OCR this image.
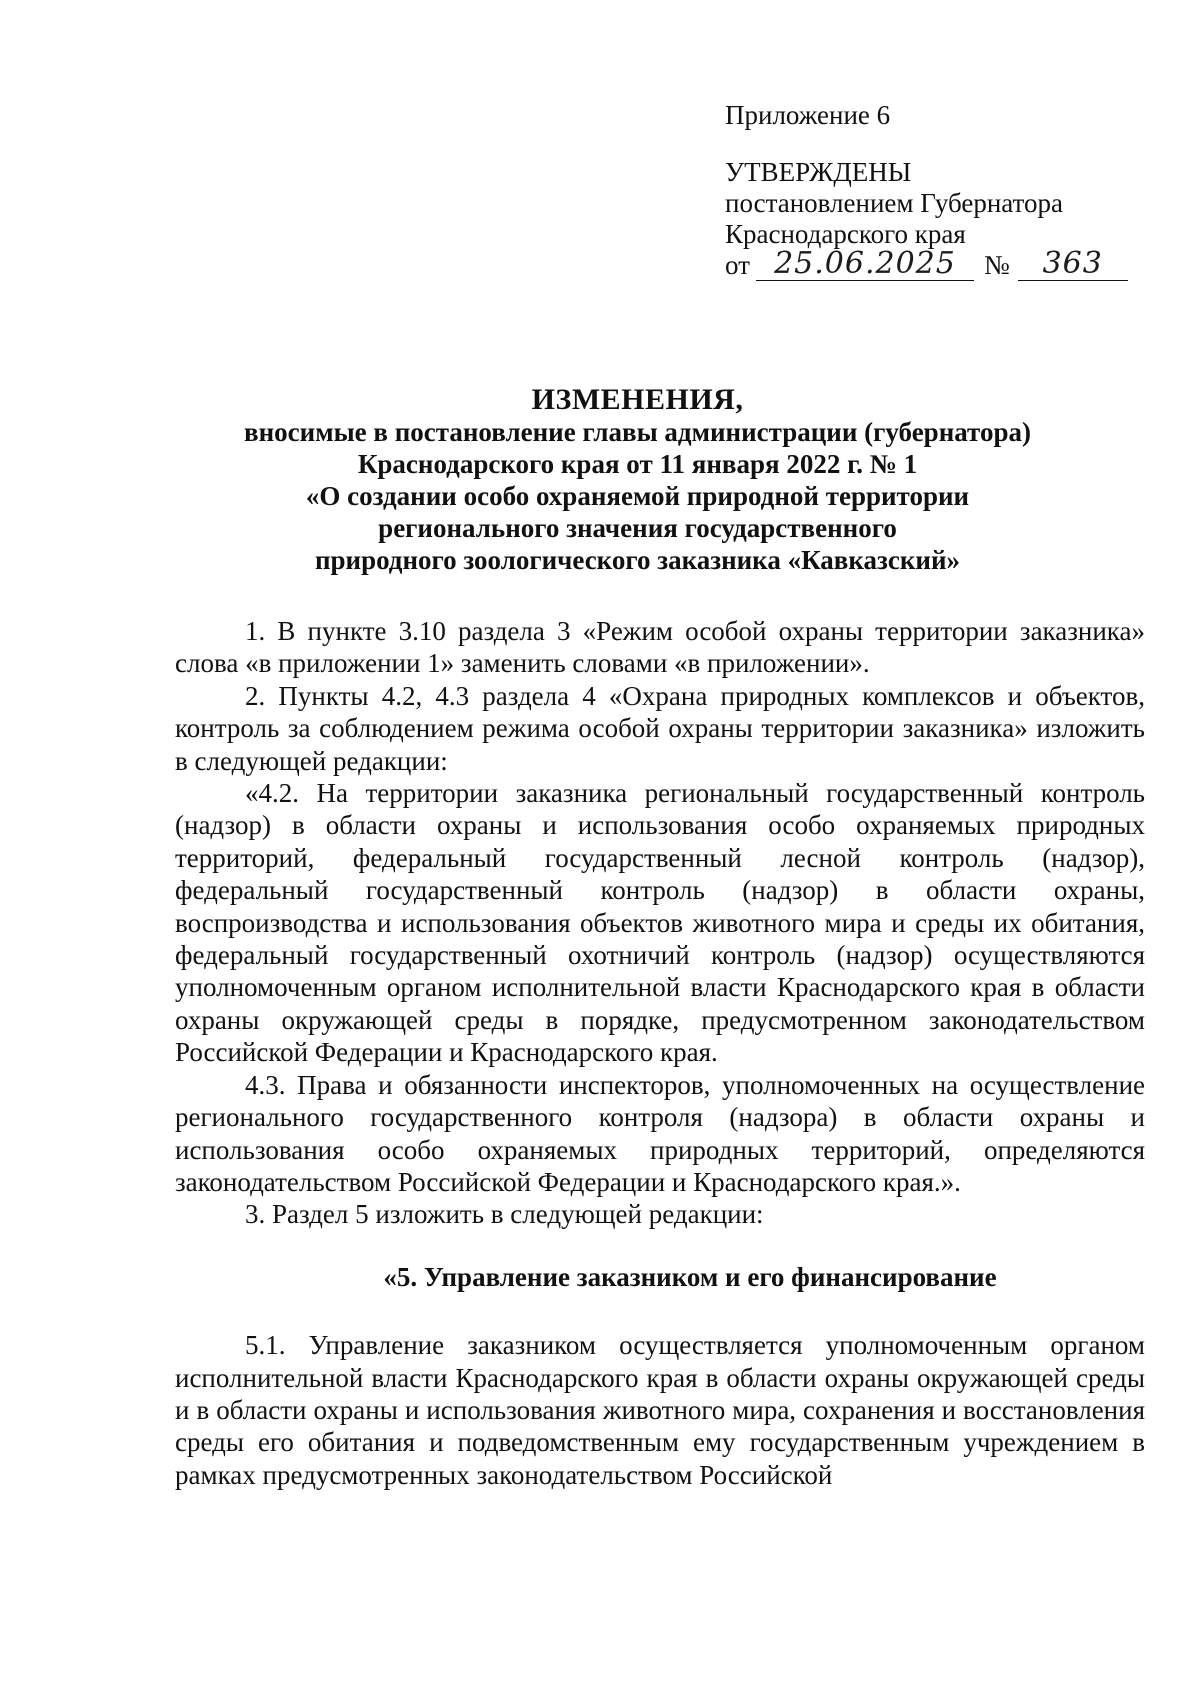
Приложение 6
УТВЕРЖДЕНЫ
постановлением Губернатора
Краснодарского края
от 25.06.2025	№	363
ИЗМЕНЕНИЯ,
вносимые в постановление главы администрации (губернатора)
Краснодарского края от 11 января 2022 г. № 1
«О создании особо охраняемой природной территории
регионального значения государственного
природного зоологического заказника «Кавказский»

1. В пункте 3.10 раздела 3 «Режим особой охраны территории заказника» слова «в приложении 1» заменить словами «в приложении».

2. Пункты 4.2, 4.3 раздела 4 «Охрана природных комплексов и объектов, контроль за соблюдением режима особой охраны территории заказника» изложить в следующей редакции:

«4.2. На территории заказника региональный государственный контроль (надзор) в области охраны и использования особо охраняемых природных территорий, федеральный государственный лесной контроль (надзор), федеральный государственный контроль (надзор) в области охраны, воспроизводства и использования объектов животного мира и среды их обитания, федеральный государственный охотничий контроль (надзор) осуществляются уполномоченным органом исполнительной власти Краснодарского края в области охраны окружающей среды в порядке, предусмотренном законодательством Российской Федерации и Краснодарского края.

4.3. Права и обязанности инспекторов, уполномоченных на осуществление регионального государственного контроля (надзора) в области охраны и использования особо охраняемых природных территорий, определяются законодательством Российской Федерации и Краснодарского края.».

3. Раздел 5 изложить в следующей редакции:

«5. Управление заказником и его финансирование

5.1. Управление заказником осуществляется уполномоченным органом исполнительной власти Краснодарского края в области охраны окружающей среды и в области охраны и использования животного мира, сохранения и восстановления среды его обитания и подведомственным ему государственным учреждением в рамках предусмотренных законодательством Российской
